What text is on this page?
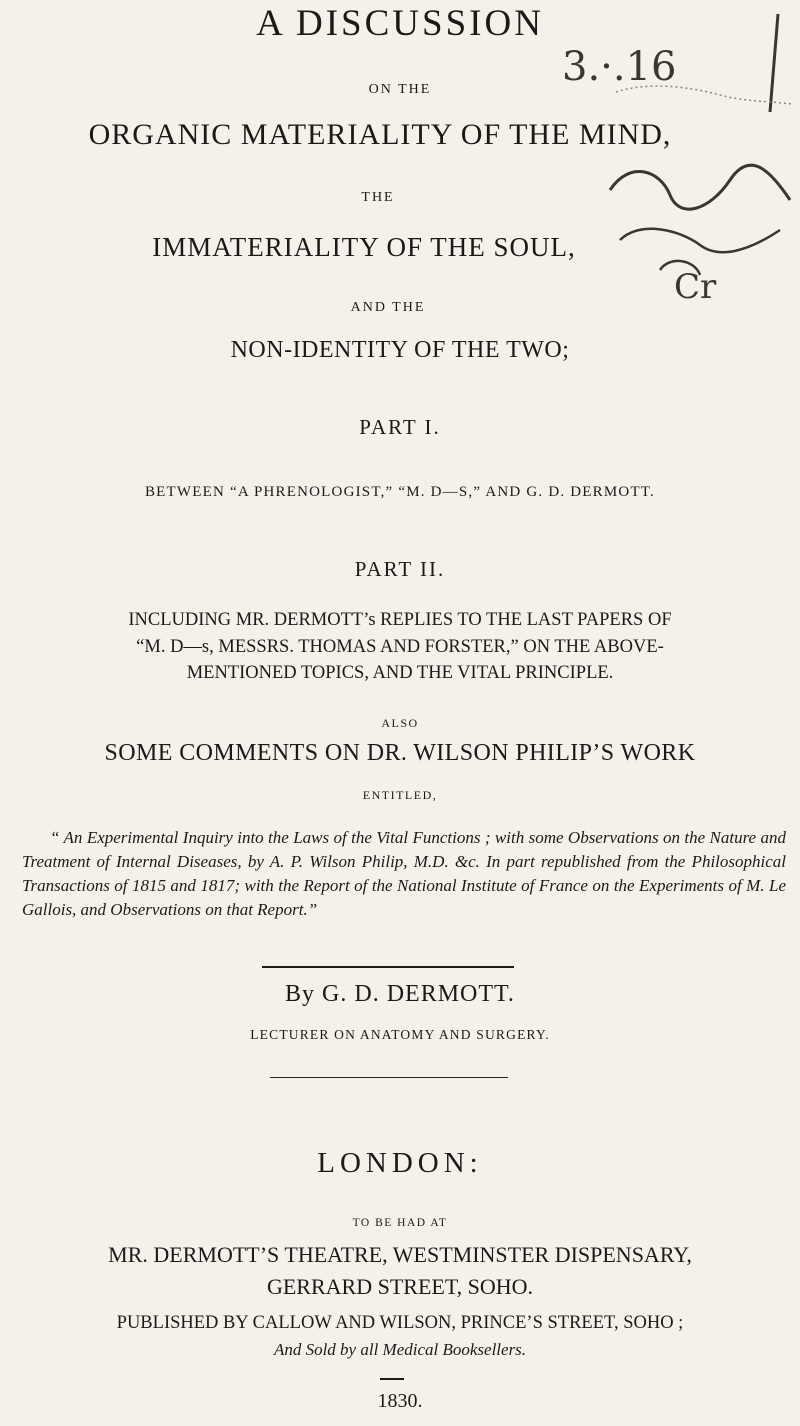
A DISCUSSION
3.·.16
ON THE
ORGANIC MATERIALITY OF THE MIND,
THE
IMMATERIALITY OF THE SOUL,
AND THE
Cr
NON-IDENTITY OF THE TWO;
PART I.
BETWEEN “A PHRENOLOGIST,” “M. D—S,” AND G. D. DERMOTT.
PART II.
INCLUDING MR. DERMOTT’s REPLIES TO THE LAST PAPERS OF
“M. D—s, MESSRS. THOMAS AND FORSTER,” ON THE ABOVE-
MENTIONED TOPICS, AND THE VITAL PRINCIPLE.
ALSO
SOME COMMENTS ON DR. WILSON PHILIP’S WORK
ENTITLED,
“ An Experimental Inquiry into the Laws of the Vital Functions ; with some Observations on the Nature and Treatment of Internal Diseases, by A. P. Wilson Philip, M.D. &c. In part republished from the Philosophical Transactions of 1815 and 1817; with the Report of the National Institute of France on the Experiments of M. Le Gallois, and Observations on that Report.”
By G. D. DERMOTT.
LECTURER ON ANATOMY AND SURGERY.
LONDON:
TO BE HAD AT
MR. DERMOTT’S THEATRE, WESTMINSTER DISPENSARY,
GERRARD STREET, SOHO.
PUBLISHED BY CALLOW AND WILSON, PRINCE’S STREET, SOHO ;
And Sold by all Medical Booksellers.
1830.
